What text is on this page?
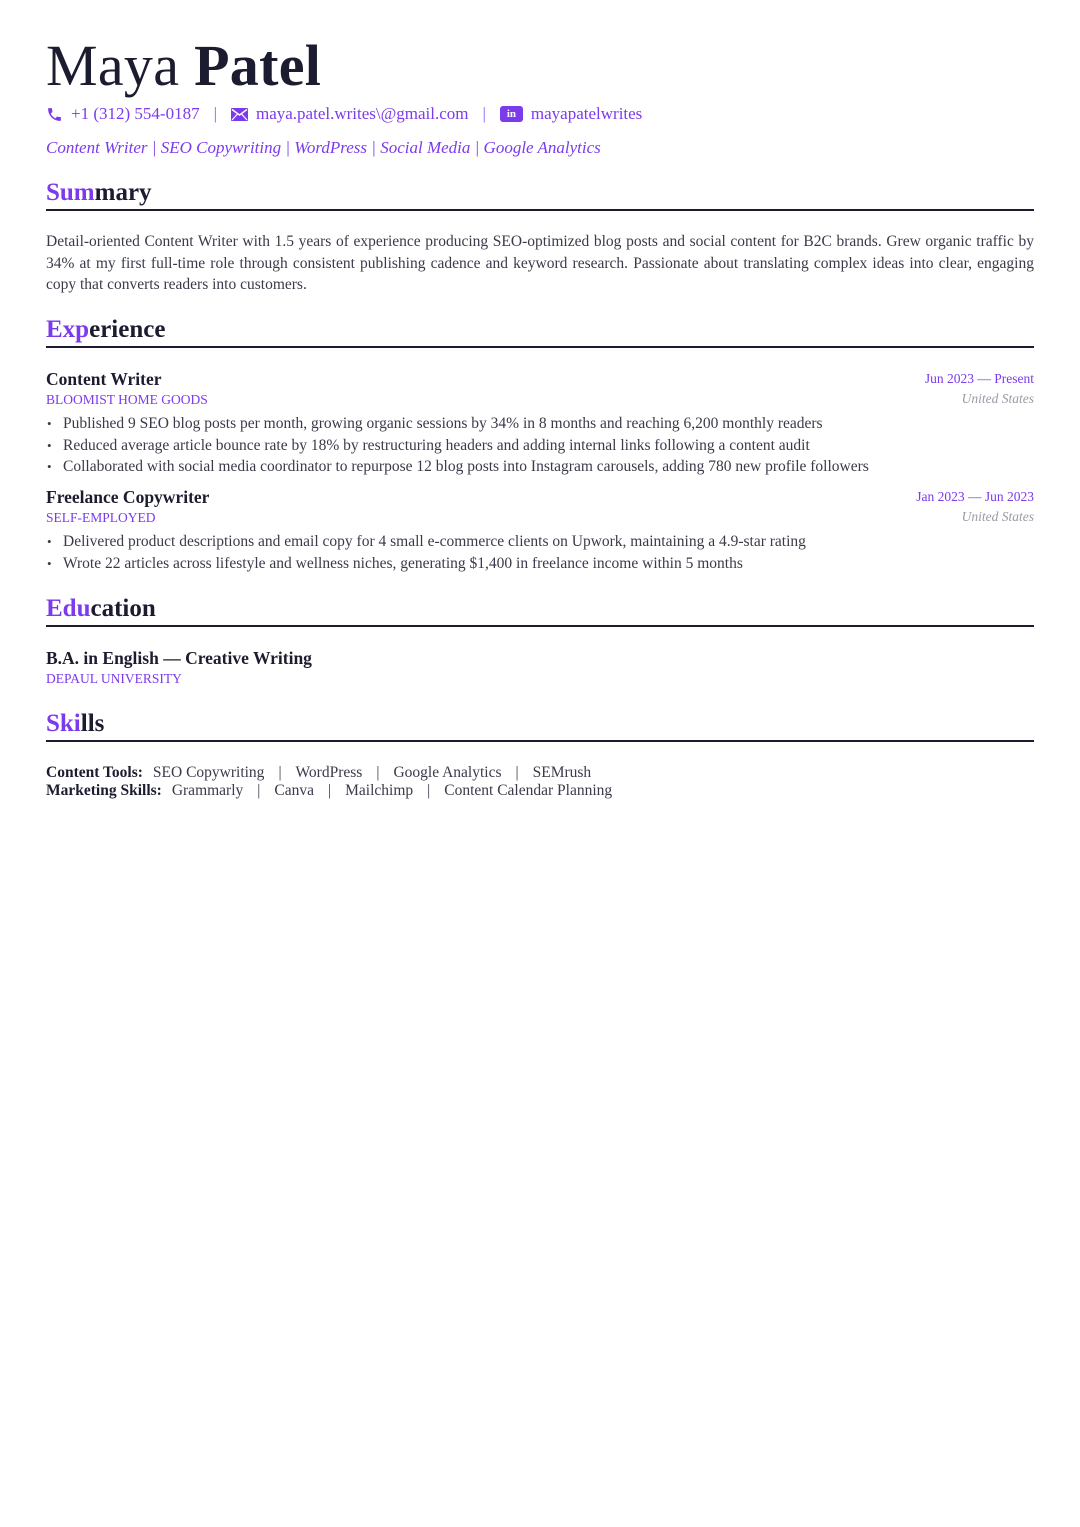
Maya Patel
+1 (312) 554-0187 | maya.patel.writes\@gmail.com |	in mayapatelwrites
Content Writer | SEO Copywriting | WordPress | Social Media | Google Analytics
Summary
Detail-oriented Content Writer with 1.5 years of experience producing SEO-optimized blog posts and social content for B2C brands. Grew organic traffic by 34% at my first full-time role through consistent publishing cadence and keyword research. Passionate about translating complex ideas into clear, engaging copy that converts readers into customers.
Experience
Content Writer
BLOOMIST HOME GOODS
Jun 2023 — Present
United States
• Published 9 SEO blog posts per month, growing organic sessions by 34% in 8 months and reaching 6,200 monthly readers
• Reduced average article bounce rate by 18% by restructuring headers and adding internal links following a content audit
• Collaborated with social media coordinator to repurpose 12 blog posts into Instagram carousels, adding 780 new profile followers
Freelance Copywriter
SELF-EMPLOYED
Jan 2023 — Jun 2023
United States
• Delivered product descriptions and email copy for 4 small e-commerce clients on Upwork, maintaining a 4.9-star rating
• Wrote 22 articles across lifestyle and wellness niches, generating $1,400 in freelance income within 5 months
Education
B.A. in English — Creative Writing
DEPAUL UNIVERSITY
Skills
Content Tools: SEO Copywriting | WordPress | Google Analytics | SEMrush
Marketing Skills: Grammarly | Canva | Mailchimp | Content Calendar Planning
